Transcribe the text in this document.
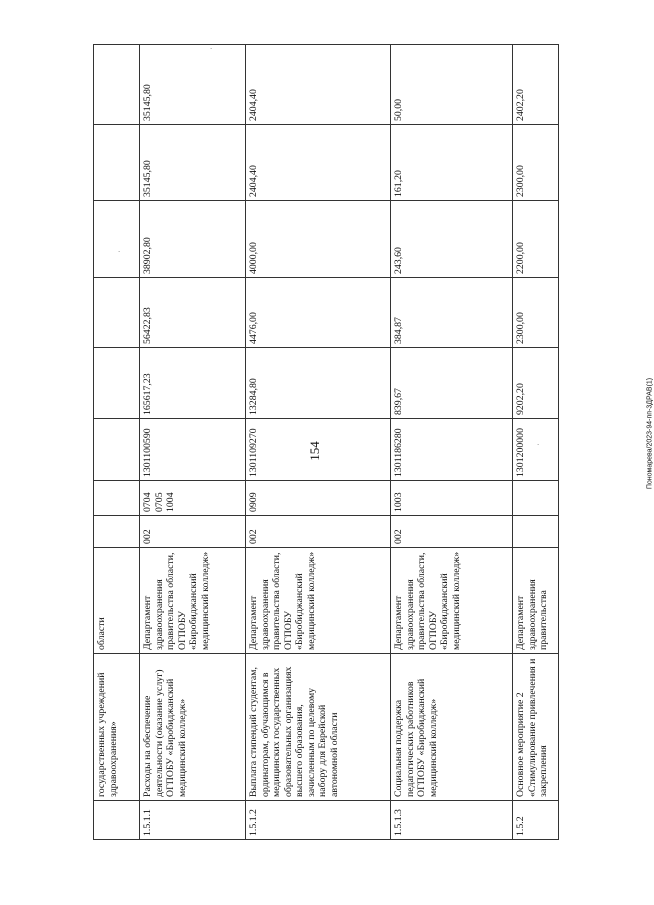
154
	государственных учреждений здравоохранения»	области								
1.5.1.1	Расходы на обеспечение деятельности (оказание услуг) ОГПОБУ «Биробиджанский медицинский колледж»	Департамент здравоохранения правительства области, ОГПОБУ «Биробиджанский медицинский колледж»	002	0704 0705 1004	1301100590	165617,23	56422,83	38902,80	35145,80	35145,80
1.5.1.2	Выплата стипендий студентам, ординаторам, обучающимся в медицинских государственных образовательных организациях высшего образования, зачисленным по целевому набору для Еврейской автономной области	Департамент здравоохранения правительства области, ОГПОБУ «Биробиджанский медицинский колледж»	002	0909	1301109270	13284,80	4476,00	4000,00	2404,40	2404,40
1.5.1.3	Социальная поддержка педагогических работников ОГПОБУ «Биробиджанский медицинский колледж»	Департамент здравоохранения правительства области, ОГПОБУ «Биробиджанский медицинский колледж»	002	1003	1301186280	839,67	384,87	243,60	161,20	50,00
1.5.2	Основное мероприятие 2 «Стимулирование привлечения и закрепления	Департамент здравоохранения правительства			1301200000	9202,20	2300,00	2200,00	2300,00	2402,20
Пономарева/2023-94-пп-3ДРАВ(1)
.
.
.
